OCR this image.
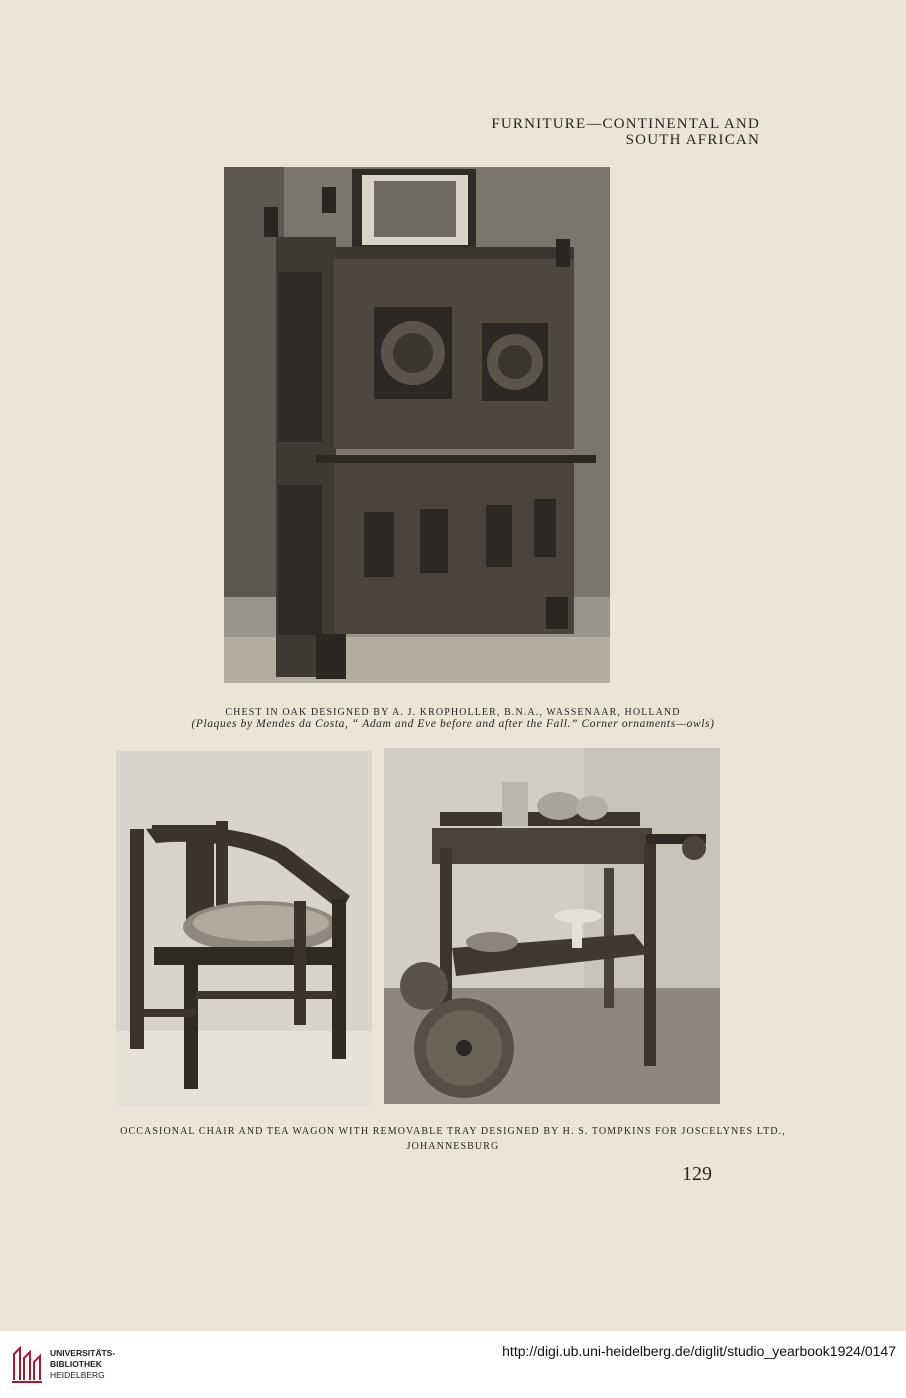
FURNITURE—CONTINENTAL AND
SOUTH AFRICAN
CHEST IN OAK DESIGNED BY A. J. KROPHOLLER, B.N.A., WASSENAAR, HOLLAND
(Plaques by Mendes da Costa, “ Adam and Eve before and after the Fall.” Corner ornaments—owls)
OCCASIONAL CHAIR AND TEA WAGON WITH REMOVABLE TRAY DESIGNED BY H. S. TOMPKINS FOR JOSCELYNES LTD.,
JOHANNESBURG
129
UNIVERSITÄTS-
BIBLIOTHEK
HEIDELBERG
http://digi.ub.uni-heidelberg.de/diglit/studio_yearbook1924/0147
